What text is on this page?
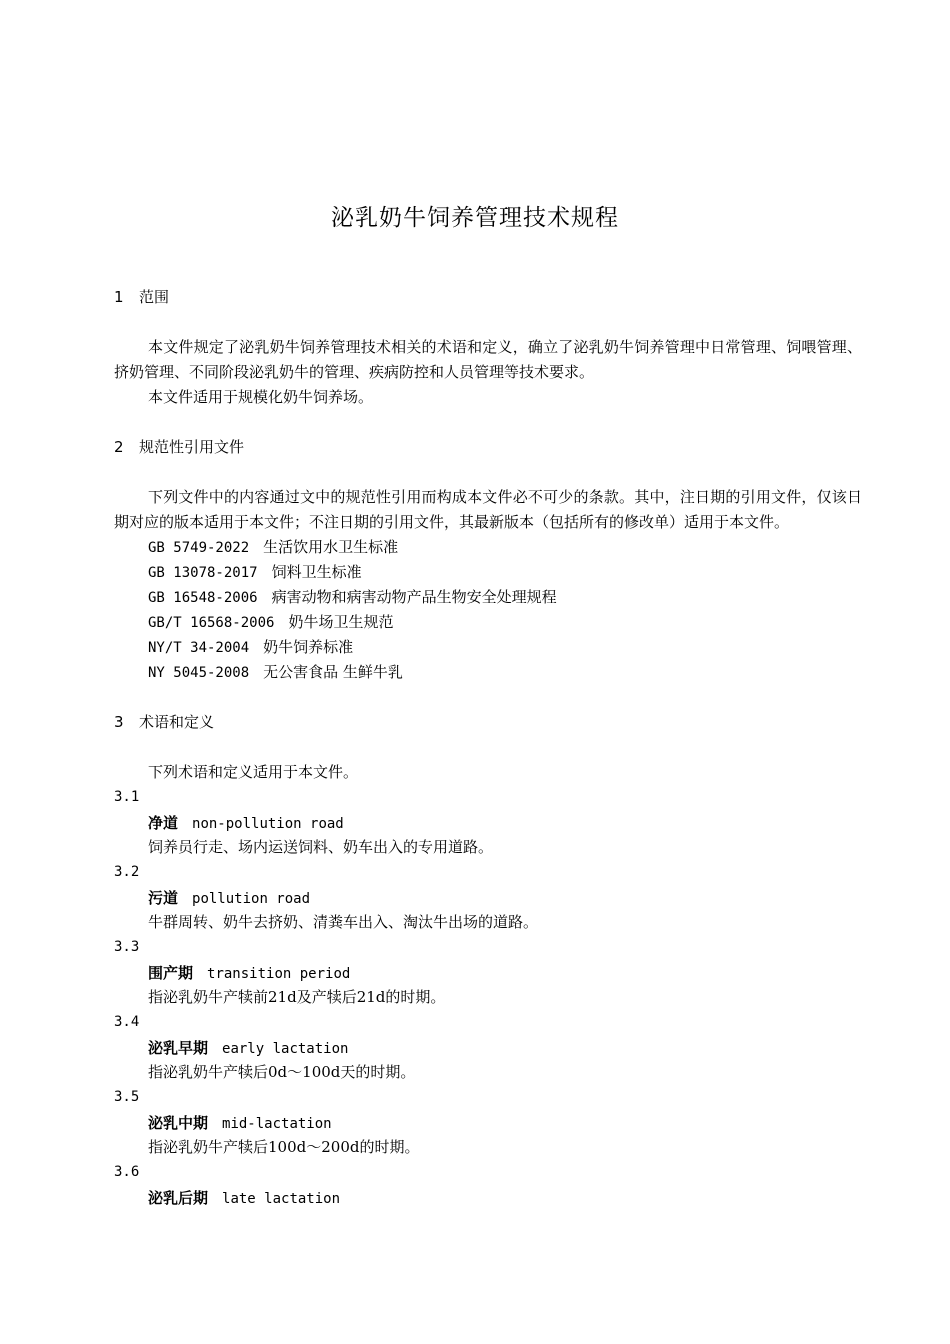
泌乳奶牛饲养管理技术规程
1 范围
本文件规定了泌乳奶牛饲养管理技术相关的术语和定义，确立了泌乳奶牛饲养管理中日常管理、饲喂管理、挤奶管理、不同阶段泌乳奶牛的管理、疾病防控和人员管理等技术要求。
本文件适用于规模化奶牛饲养场。
2 规范性引用文件
下列文件中的内容通过文中的规范性引用而构成本文件必不可少的条款。其中，注日期的引用文件，仅该日期对应的版本适用于本文件；不注日期的引用文件，其最新版本（包括所有的修改单）适用于本文件。
GB 5749-2022 生活饮用水卫生标准
GB 13078-2017 饲料卫生标准
GB 16548-2006 病害动物和病害动物产品生物安全处理规程
GB/T 16568-2006 奶牛场卫生规范
NY/T 34-2004 奶牛饲养标准
NY 5045-2008 无公害食品 生鲜牛乳
3 术语和定义
下列术语和定义适用于本文件。
3.1
净道 non-pollution road
饲养员行走、场内运送饲料、奶车出入的专用道路。
3.2
污道 pollution road
牛群周转、奶牛去挤奶、清粪车出入、淘汰牛出场的道路。
3.3
围产期 transition period
指泌乳奶牛产犊前21d及产犊后21d的时期。
3.4
泌乳早期 early lactation
指泌乳奶牛产犊后0d～100d天的时期。
3.5
泌乳中期 mid-lactation
指泌乳奶牛产犊后100d～200d的时期。
3.6
泌乳后期 late lactation
